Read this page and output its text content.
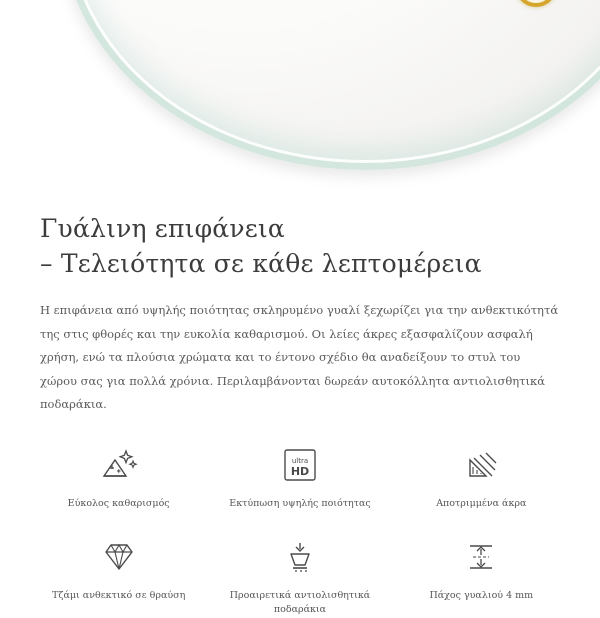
Γυάλινη επιφάνεια
– Τελειότητα σε κάθε λεπτομέρεια

Η επιφάνεια από υψηλής ποιότητας σκληρυμένο γυαλί ξεχωρίζει για την ανθεκτικότητά της στις φθορές και την ευκολία καθαρισμού. Οι λείες άκρες εξασφαλίζουν ασφαλή χρήση, ενώ τα πλούσια χρώματα και το έντονο σχέδιο θα αναδείξουν το στυλ του χώρου σας για πολλά χρόνια. Περιλαμβάνονται δωρεάν αυτοκόλλητα αντιολισθητικά ποδαράκια.

Εύκολος καθαρισμός
ultra
HD
Εκτύπωση υψηλής ποιότητας	Αποτριμμένα άκρα
Τζάμι ανθεκτικό σε θραύση	Προαιρετικά αντιολισθητικά ποδαράκια
Πάχος γυαλιού 4 mm
